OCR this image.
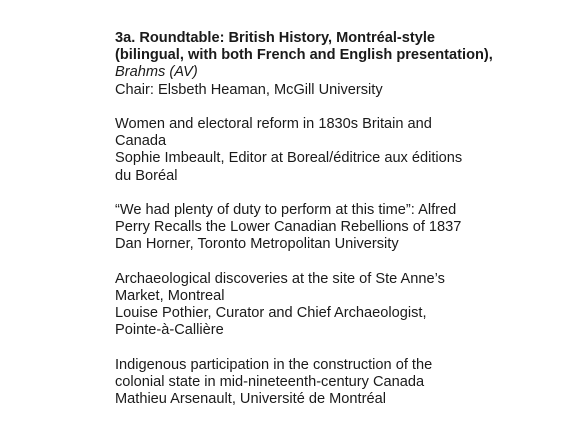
3a. Roundtable: British History, Montréal-style
(bilingual, with both French and English presentation),
Brahms (AV)
Chair: Elsbeth Heaman, McGill University
Women and electoral reform in 1830s Britain and
Canada
Sophie Imbeault, Editor at Boreal/éditrice aux éditions
du Boréal
“We had plenty of duty to perform at this time”: Alfred
Perry Recalls the Lower Canadian Rebellions of 1837
Dan Horner, Toronto Metropolitan University
Archaeological discoveries at the site of Ste Anne’s
Market, Montreal
Louise Pothier, Curator and Chief Archaeologist,
Pointe-à-Callière
Indigenous participation in the construction of the
colonial state in mid-nineteenth-century Canada
Mathieu Arsenault, Université de Montréal
